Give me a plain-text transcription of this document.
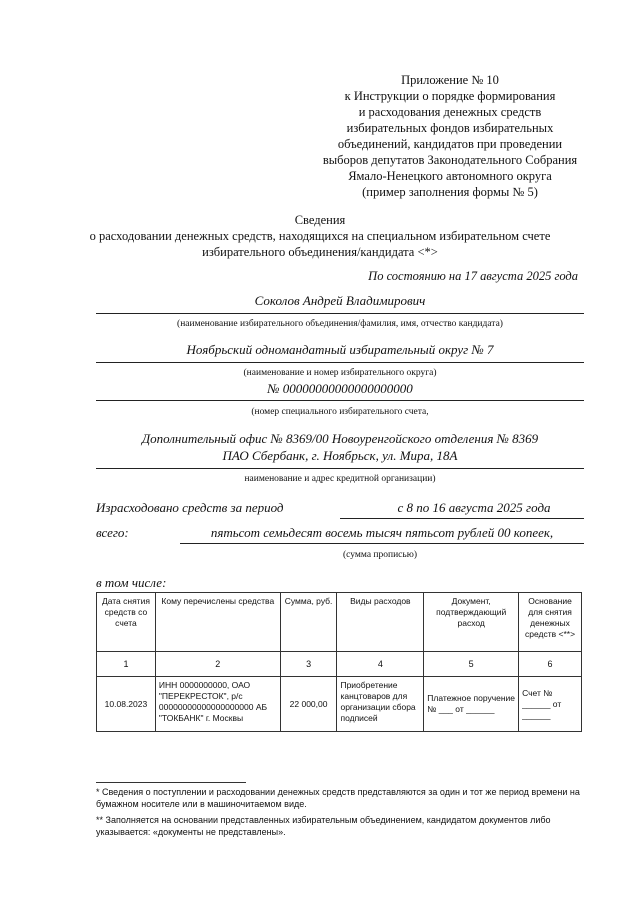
Приложение № 10
к Инструкции о порядке формирования
и расходования денежных средств
избирательных фондов избирательных
объединений, кандидатов при проведении
выборов депутатов Законодательного Собрания
Ямало-Ненецкого автономного округа
(пример заполнения формы № 5)
Сведения
о расходовании денежных средств, находящихся на специальном избирательном счете
избирательного объединения/кандидата <*>
По состоянию на 17 августа 2025 года
Соколов Андрей Владимирович
(наименование избирательного объединения/фамилия, имя, отчество кандидата)
Ноябрьский одномандатный избирательный округ № 7
(наименование и номер избирательного округа)
№ 00000000000000000000
(номер специального избирательного счета,
Дополнительный офис № 8369/00 Новоуренгойского отделения № 8369
ПАО Сбербанк, г. Ноябрьск, ул. Мира, 18А
наименование и адрес кредитной организации)
Израсходовано средств за период	с 8 по 16 августа 2025 года
всего:	пятьсот семьдесят восемь тысяч пятьсот рублей 00 копеек,
(сумма прописью)
в том числе:
Дата снятия средств со счета	Кому перечислены средства	Сумма, руб.	Виды расходов	Документ, подтверждающий расход	Основание для снятия денежных средств <**>
1	2	3	4	5	6
10.08.2023	ИНН 0000000000, ОАО "ПЕРЕКРЕСТОК", р/с 00000000000000000000 АБ "ТОКБАНК" г. Москвы	22 000,00	Приобретение канцтоваров для организации сбора подписей	Платежное поручение № ___ от ______	Счет № ______ от ______

* Сведения о поступлении и расходовании денежных средств представляются за один и тот же период времени на бумажном носителе или в машиночитаемом виде.

** Заполняется на основании представленных избирательным объединением, кандидатом документов либо указывается: «документы не представлены».
